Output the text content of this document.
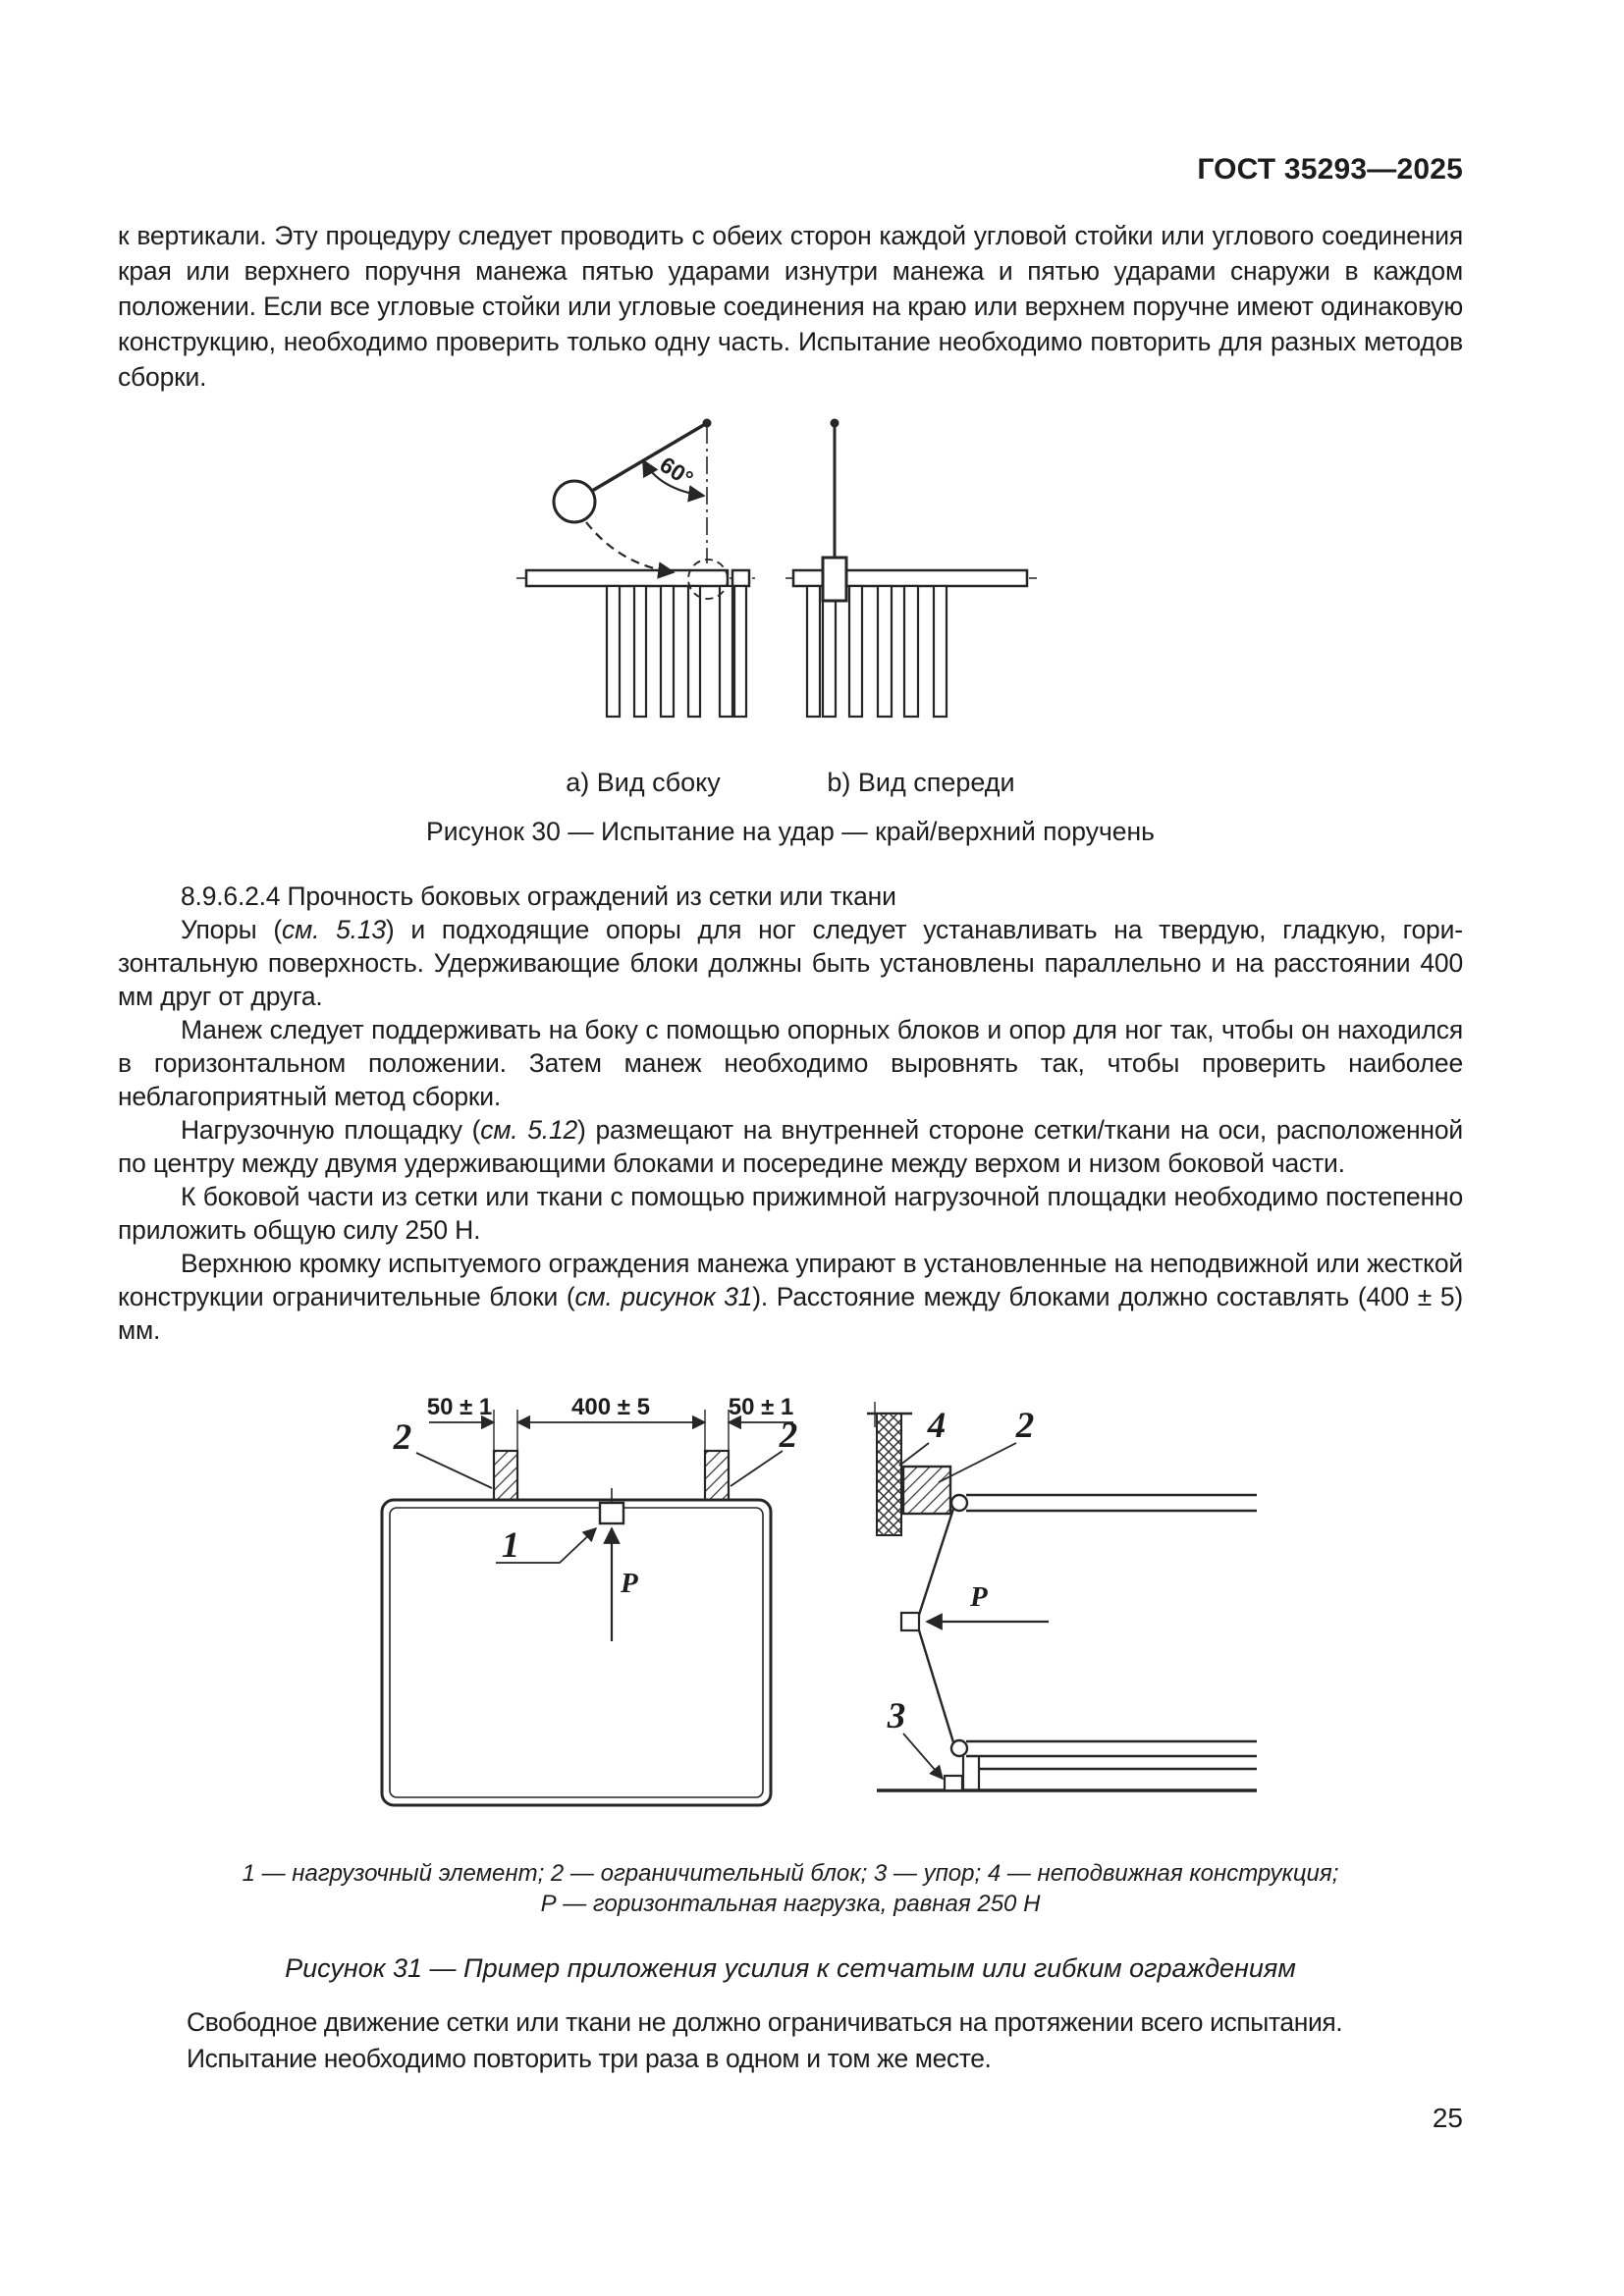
ГОСТ 35293—2025
к вертикали. Эту процедуру следует проводить с обеих сторон каждой угловой стойки или углового соединения края или верхнего поручня манежа пятью ударами изнутри манежа и пятью ударами снаружи в каждом положении. Если все угловые стойки или угловые соединения на краю или верхнем поручне имеют одинаковую конструкцию, необходимо проверить только одну часть. Испытание необходимо повторить для разных методов сборки.
60°
a) Вид сбоку	b) Вид спереди
Рисунок 30 — Испытание на удар — край/верхний поручень

8.9.6.2.4 Прочность боковых ограждений из сетки или ткани

Упоры (см. 5.13) и подходящие опоры для ног следует устанавливать на твердую, гладкую, горизонтальную поверхность. Удерживающие блоки должны быть установлены параллельно и на расстоянии 400 мм друг от друга.

Манеж следует поддерживать на боку с помощью опорных блоков и опор для ног так, чтобы он находился в горизонтальном положении. Затем манеж необходимо выровнять так, чтобы проверить наиболее неблагоприятный метод сборки.

Нагрузочную площадку (см. 5.12) размещают на внутренней стороне сетки/ткани на оси, расположенной по центру между двумя удерживающими блоками и посередине между верхом и низом боковой части.

К боковой части из сетки или ткани с помощью прижимной нагрузочной площадки необходимо постепенно приложить общую силу 250 Н.

Верхнюю кромку испытуемого ограждения манежа упирают в установленные на неподвижной или жесткой конструкции ограничительные блоки (см. рисунок 31). Расстояние между блоками должно составлять (400 ± 5) мм.

50 ± 1	400 ± 5	50 ± 1
2	2
1
P
4 2
P
3
1 — нагрузочный элемент; 2 — ограничительный блок; 3 — упор; 4 — неподвижная конструкция;
Р — горизонтальная нагрузка, равная 250 Н
Рисунок 31 — Пример приложения усилия к сетчатым или гибким ограждениям
Свободное движение сетки или ткани не должно ограничиваться на протяжении всего испытания.
Испытание необходимо повторить три раза в одном и том же месте.
25
